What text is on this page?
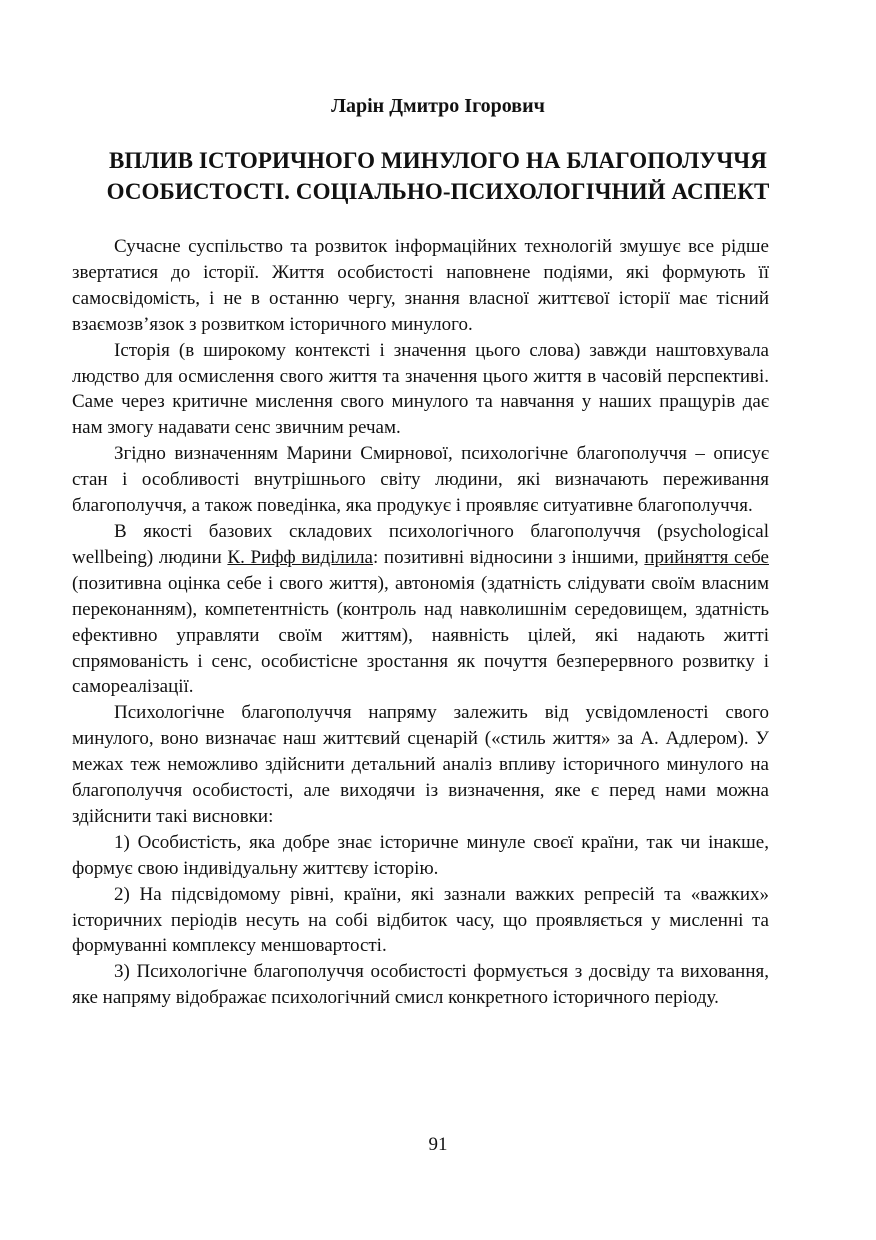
Ларін Дмитро Ігорович
ВПЛИВ ІСТОРИЧНОГО МИНУЛОГО НА БЛАГОПОЛУЧЧЯ
ОСОБИСТОСТІ. СОЦІАЛЬНО-ПСИХОЛОГІЧНИЙ АСПЕКТ

Сучасне суспільство та розвиток інформаційних технологій змушує все рідше звертатися до історії. Життя особистості наповнене подіями, які формують її самосвідомість, і не в останню чергу, знання власної життєвої історії має тісний взаємозв’язок з розвитком історичного минулого.

Історія (в широкому контексті і значення цього слова) завжди наштовхувала людство для осмислення свого життя та значення цього життя в часовій перспективі. Саме через критичне мислення свого минулого та навчання у наших пращурів дає нам змогу надавати сенс звичним речам.

Згідно визначенням Марини Смирнової, психологічне благополуччя – описує стан і особливості внутрішнього світу людини, які визначають переживання благополуччя, а також поведінка, яка продукує і проявляє ситуативне благополуччя.

В якості базових складових психологічного благополуччя (psychological wellbeing) людини К. Рифф виділила: позитивні відносини з іншими, прийняття себе (позитивна оцінка себе і свого життя), автономія (здатність слідувати своїм власним переконанням), компетентність (контроль над навколишнім середовищем, здатність ефективно управляти своїм життям), наявність цілей, які надають житті спрямованість і сенс, особистісне зростання як почуття безперервного розвитку і самореалізації.

Психологічне благополуччя напряму залежить від усвідомленості свого минулого, воно визначає наш життєвий сценарій («стиль життя» за А. Адлером). У межах теж неможливо здійснити детальний аналіз впливу історичного минулого на благополуччя особистості, але виходячи із визначення, яке є перед нами можна здійснити такі висновки:

1) Особистість, яка добре знає історичне минуле своєї країни, так чи інакше, формує свою індивідуальну життєву історію.

2) На підсвідомому рівні, країни, які зазнали важких репресій та «важких» історичних періодів несуть на собі відбиток часу, що проявляється у мисленні та формуванні комплексу меншовартості.

3) Психологічне благополуччя особистості формується з досвіду та виховання, яке напряму відображає психологічний смисл конкретного історичного періоду.

91
